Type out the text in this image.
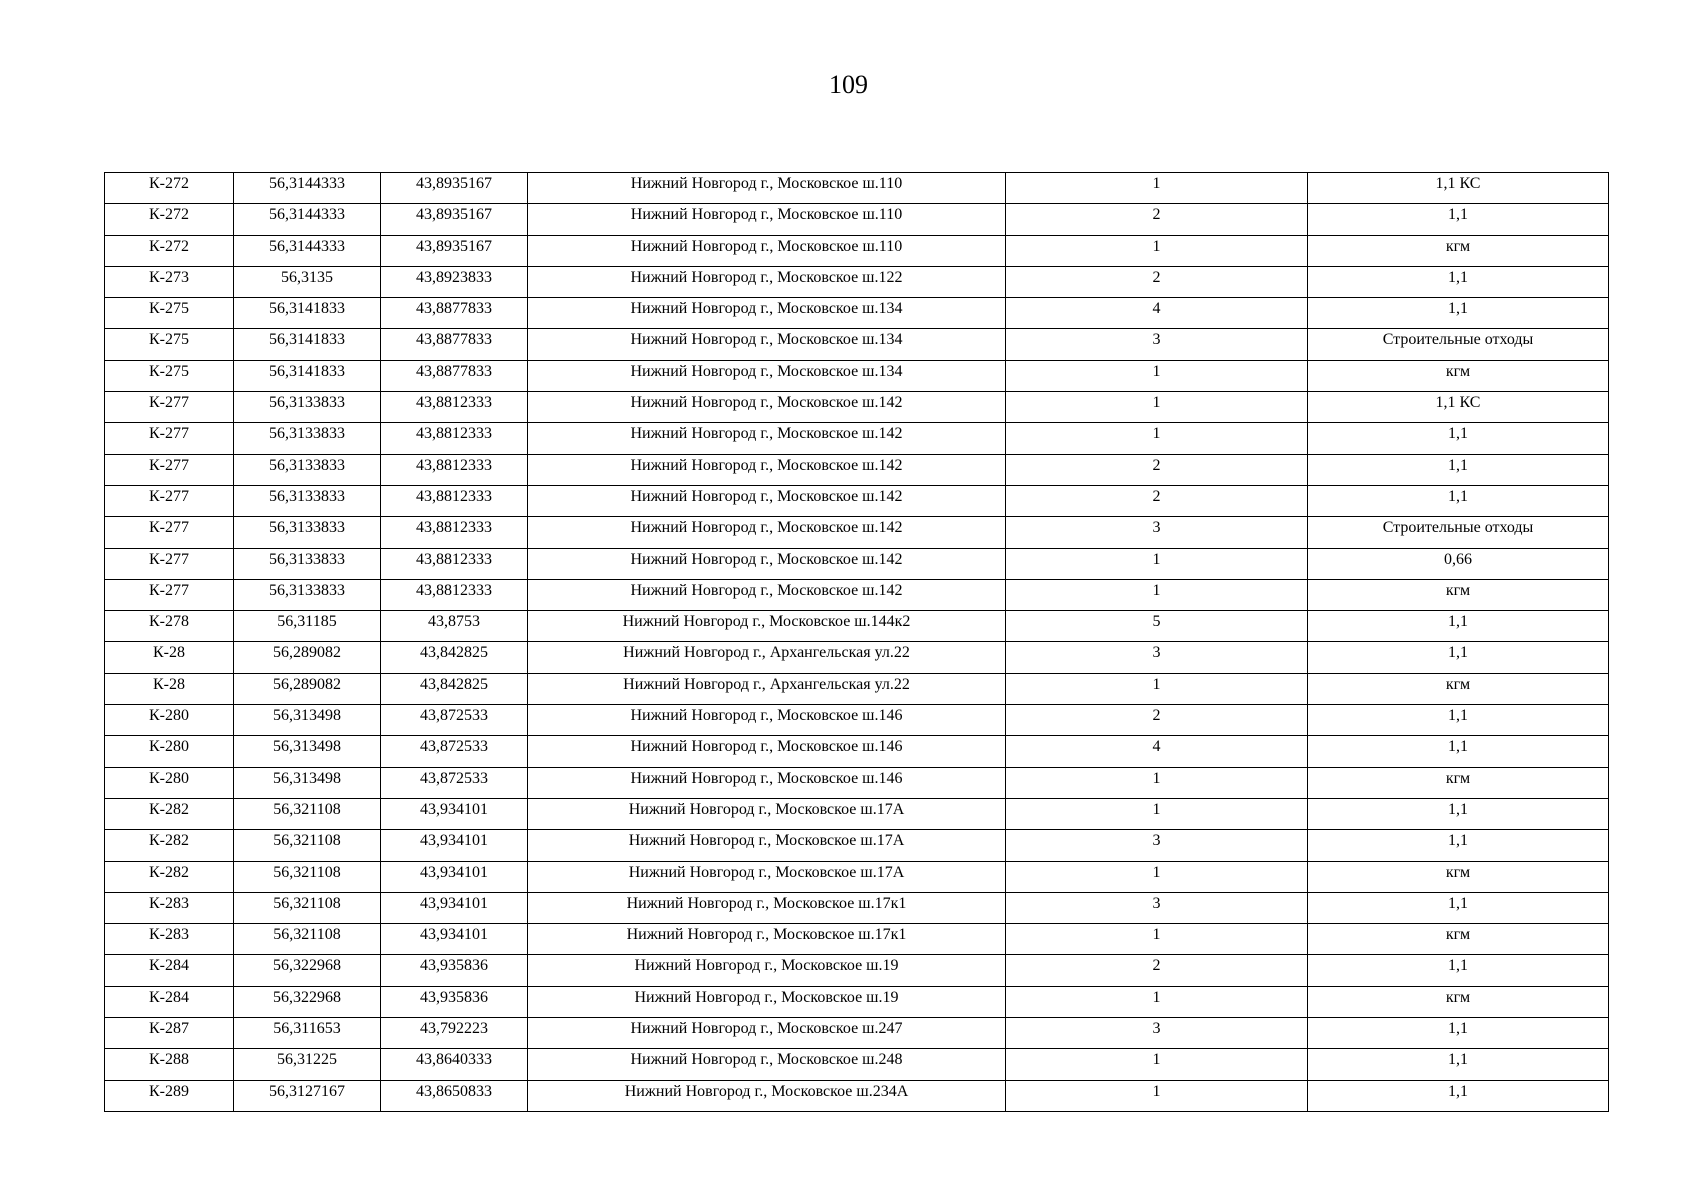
109
К-272	56,3144333	43,8935167	Нижний Новгород г., Московское ш.110	1	1,1 КС
К-272	56,3144333	43,8935167	Нижний Новгород г., Московское ш.110	2	1,1
К-272	56,3144333	43,8935167	Нижний Новгород г., Московское ш.110	1	кгм
К-273	56,3135	43,8923833	Нижний Новгород г., Московское ш.122	2	1,1
К-275	56,3141833	43,8877833	Нижний Новгород г., Московское ш.134	4	1,1
К-275	56,3141833	43,8877833	Нижний Новгород г., Московское ш.134	3	Строительные отходы
К-275	56,3141833	43,8877833	Нижний Новгород г., Московское ш.134	1	кгм
К-277	56,3133833	43,8812333	Нижний Новгород г., Московское ш.142	1	1,1 КС
К-277	56,3133833	43,8812333	Нижний Новгород г., Московское ш.142	1	1,1
К-277	56,3133833	43,8812333	Нижний Новгород г., Московское ш.142	2	1,1
К-277	56,3133833	43,8812333	Нижний Новгород г., Московское ш.142	2	1,1
К-277	56,3133833	43,8812333	Нижний Новгород г., Московское ш.142	3	Строительные отходы
К-277	56,3133833	43,8812333	Нижний Новгород г., Московское ш.142	1	0,66
К-277	56,3133833	43,8812333	Нижний Новгород г., Московское ш.142	1	кгм
К-278	56,31185	43,8753	Нижний Новгород г., Московское ш.144к2	5	1,1
К-28	56,289082	43,842825	Нижний Новгород г., Архангельская ул.22	3	1,1
К-28	56,289082	43,842825	Нижний Новгород г., Архангельская ул.22	1	кгм
К-280	56,313498	43,872533	Нижний Новгород г., Московское ш.146	2	1,1
К-280	56,313498	43,872533	Нижний Новгород г., Московское ш.146	4	1,1
К-280	56,313498	43,872533	Нижний Новгород г., Московское ш.146	1	кгм
К-282	56,321108	43,934101	Нижний Новгород г., Московское ш.17А	1	1,1
К-282	56,321108	43,934101	Нижний Новгород г., Московское ш.17А	3	1,1
К-282	56,321108	43,934101	Нижний Новгород г., Московское ш.17А	1	кгм
К-283	56,321108	43,934101	Нижний Новгород г., Московское ш.17к1	3	1,1
К-283	56,321108	43,934101	Нижний Новгород г., Московское ш.17к1	1	кгм
К-284	56,322968	43,935836	Нижний Новгород г., Московское ш.19	2	1,1
К-284	56,322968	43,935836	Нижний Новгород г., Московское ш.19	1	кгм
К-287	56,311653	43,792223	Нижний Новгород г., Московское ш.247	3	1,1
К-288	56,31225	43,8640333	Нижний Новгород г., Московское ш.248	1	1,1
К-289	56,3127167	43,8650833	Нижний Новгород г., Московское ш.234А	1	1,1
